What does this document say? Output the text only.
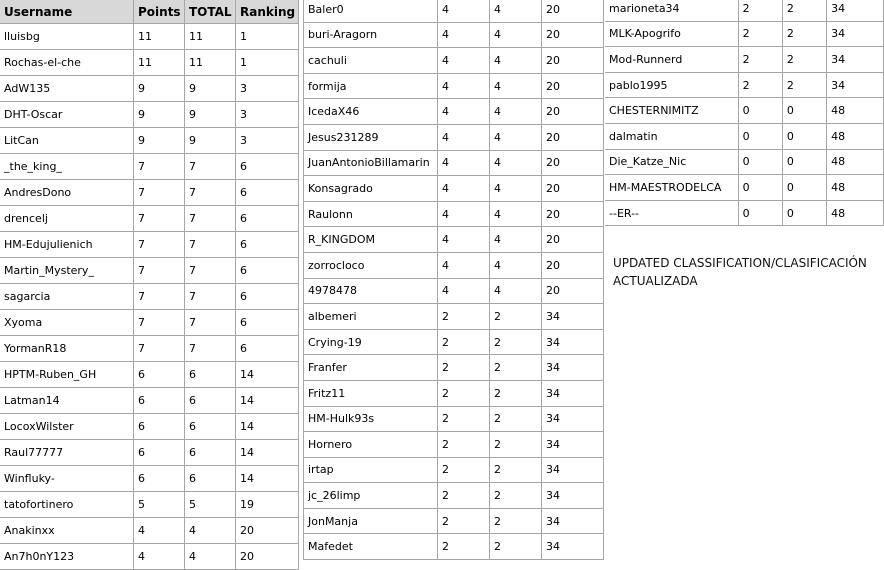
Username	Points	TOTAL	Ranking
lluisbg	11	11	1
Rochas-el-che	11	11	1
AdW135	9	9	3
DHT-Oscar	9	9	3
LitCan	9	9	3
_the_king_	7	7	6
AndresDono	7	7	6
drencelj	7	7	6
HM-Edujulienich	7	7	6
Martin_Mystery_	7	7	6
sagarcia	7	7	6
Xyoma	7	7	6
YormanR18	7	7	6
HPTM-Ruben_GH	6	6	14
Latman14	6	6	14
LocoxWilster	6	6	14
Raul77777	6	6	14
Winfluky-	6	6	14
tatofortinero	5	5	19
Anakinxx	4	4	20
An7h0nY123	4	4	20
Baler0	4	4	20
buri-Aragorn	4	4	20
cachuli	4	4	20
formija	4	4	20
IcedaX46	4	4	20
Jesus231289	4	4	20
JuanAntonioBillamarin	4	4	20
Konsagrado	4	4	20
Raulonn	4	4	20
R_KINGDOM	4	4	20
zorrocloco	4	4	20
4978478	4	4	20
albemeri	2	2	34
Crying-19	2	2	34
Franfer	2	2	34
Fritz11	2	2	34
HM-Hulk93s	2	2	34
Hornero	2	2	34
irtap	2	2	34
jc_26limp	2	2	34
JonManja	2	2	34
Mafedet	2	2	34
marioneta34	2	2	34
MLK-Apogrifo	2	2	34
Mod-Runnerd	2	2	34
pablo1995	2	2	34
CHESTERNIMITZ	0	0	48
dalmatin	0	0	48
Die_Katze_Nic	0	0	48
HM-MAESTRODELCA	0	0	48
--ER--	0	0	48
UPDATED CLASSIFICATION/CLASIFICACIÓN ACTUALIZADA
